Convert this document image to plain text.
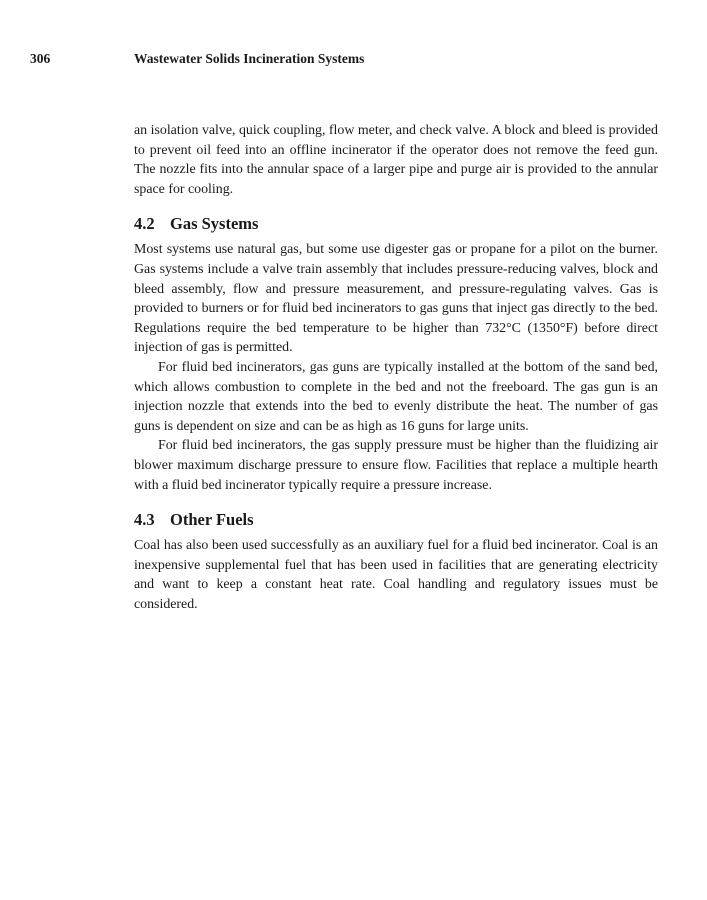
306	Wastewater Solids Incineration Systems

an isolation valve, quick coupling, flow meter, and check valve. A block and bleed is provided to prevent oil feed into an offline incinerator if the operator does not remove the feed gun. The nozzle fits into the annular space of a larger pipe and purge air is provided to the annular space for cooling.

4.2 Gas Systems

Most systems use natural gas, but some use digester gas or propane for a pilot on the burner. Gas systems include a valve train assembly that includes pressure-reducing valves, block and bleed assembly, flow and pressure measurement, and pressure-regulating valves. Gas is provided to burners or for fluid bed incinerators to gas guns that inject gas directly to the bed. Regulations require the bed temperature to be higher than 732°C (1350°F) before direct injection of gas is permitted.

For fluid bed incinerators, gas guns are typically installed at the bottom of the sand bed, which allows combustion to complete in the bed and not the freeboard. The gas gun is an injection nozzle that extends into the bed to evenly distribute the heat. The number of gas guns is dependent on size and can be as high as 16 guns for large units.

For fluid bed incinerators, the gas supply pressure must be higher than the fluidizing air blower maximum discharge pressure to ensure flow. Facilities that replace a multiple hearth with a fluid bed incinerator typically require a pressure increase.

4.3 Other Fuels

Coal has also been used successfully as an auxiliary fuel for a fluid bed incinerator. Coal is an inexpensive supplemental fuel that has been used in facilities that are generating electricity and want to keep a constant heat rate. Coal handling and regulatory issues must be considered.
